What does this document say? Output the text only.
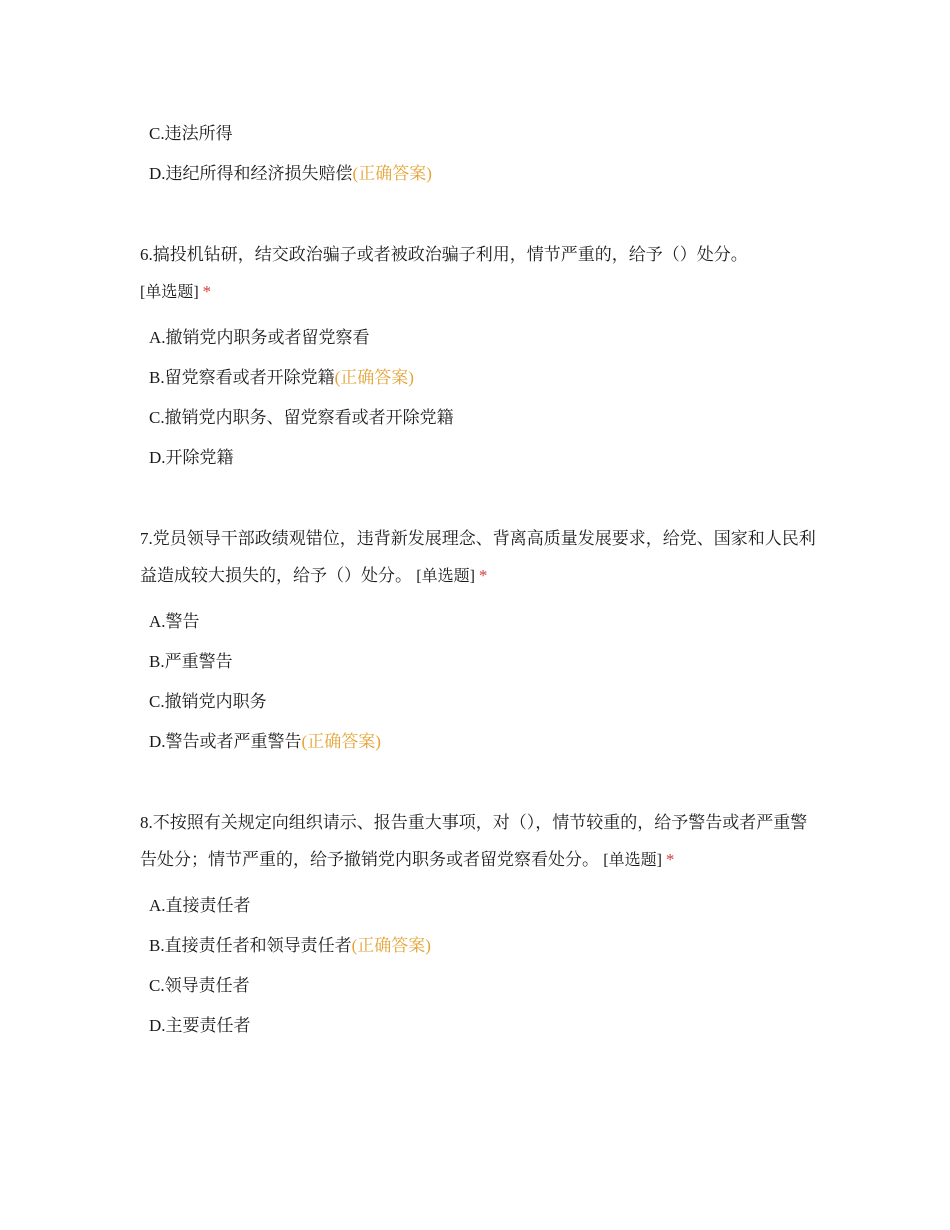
C.违法所得
D.违纪所得和经济损失赔偿(正确答案)
6.搞投机钻研，结交政治骗子或者被政治骗子利用，情节严重的，给予（）处分。
[单选题] *
A.撤销党内职务或者留党察看
B.留党察看或者开除党籍(正确答案)
C.撤销党内职务、留党察看或者开除党籍
D.开除党籍
7.党员领导干部政绩观错位，违背新发展理念、背离高质量发展要求，给党、国家和人民利益造成较大损失的，给予（）处分。 [单选题] *
A.警告
B.严重警告
C.撤销党内职务
D.警告或者严重警告(正确答案)
8.不按照有关规定向组织请示、报告重大事项，对（），情节较重的，给予警告或者严重警告处分；情节严重的，给予撤销党内职务或者留党察看处分。 [单选题] *
A.直接责任者
B.直接责任者和领导责任者(正确答案)
C.领导责任者
D.主要责任者
